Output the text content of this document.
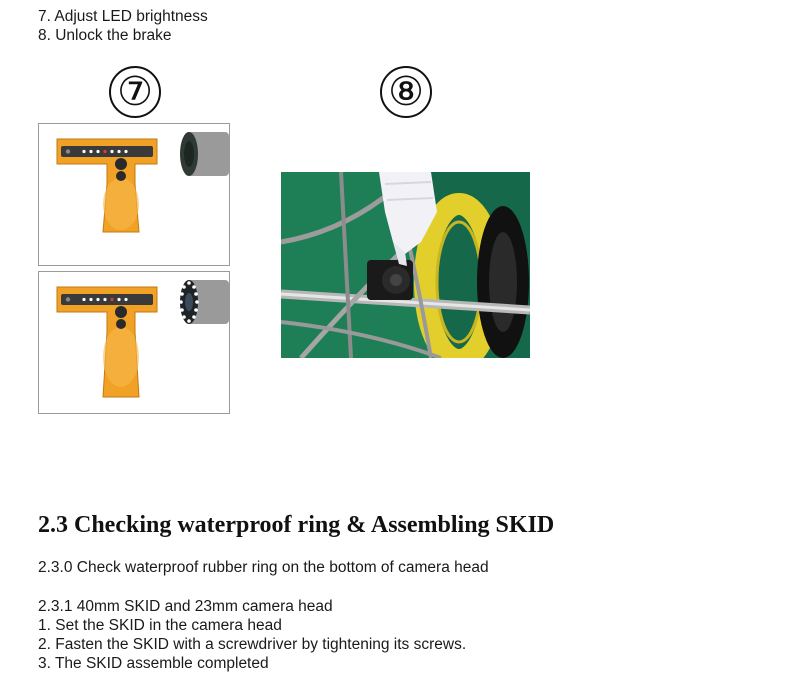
7. Adjust LED brightness
8. Unlock the brake
⑦	⑧
2.3 Checking waterproof ring & Assembling SKID
2.3.0 Check waterproof rubber ring on the bottom of camera head
2.3.1 40mm SKID and 23mm camera head
1. Set the SKID in the camera head
2. Fasten the SKID with a screwdriver by tightening its screws.
3. The SKID assemble completed
